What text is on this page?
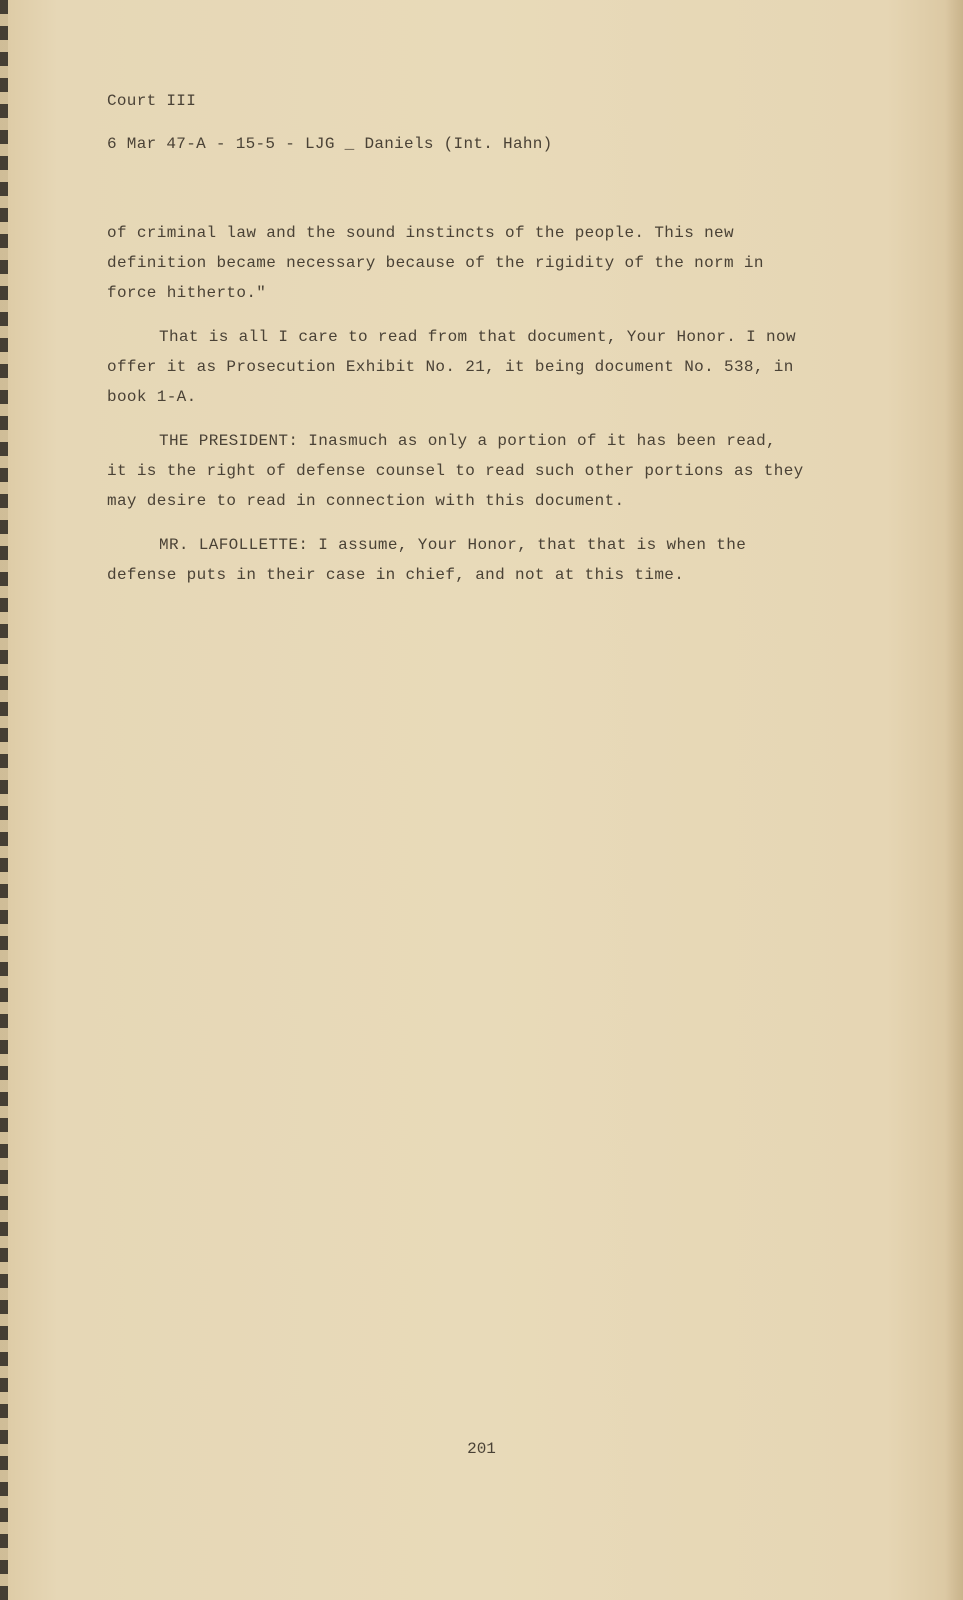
Court III
6 Mar 47-A - 15-5 - LJG _ Daniels (Int. Hahn)
of criminal law and the sound instincts of the people. This new
definition became necessary because of the rigidity of the norm in
force hitherto."
That is all I care to read from that document, Your Honor. I now
offer it as Prosecution Exhibit No. 21, it being document No. 538, in
book 1-A.
THE PRESIDENT: Inasmuch as only a portion of it has been read,
it is the right of defense counsel to read such other portions as they
may desire to read in connection with this document.
MR. LAFOLLETTE: I assume, Your Honor, that that is when the
defense puts in their case in chief, and not at this time.
201
